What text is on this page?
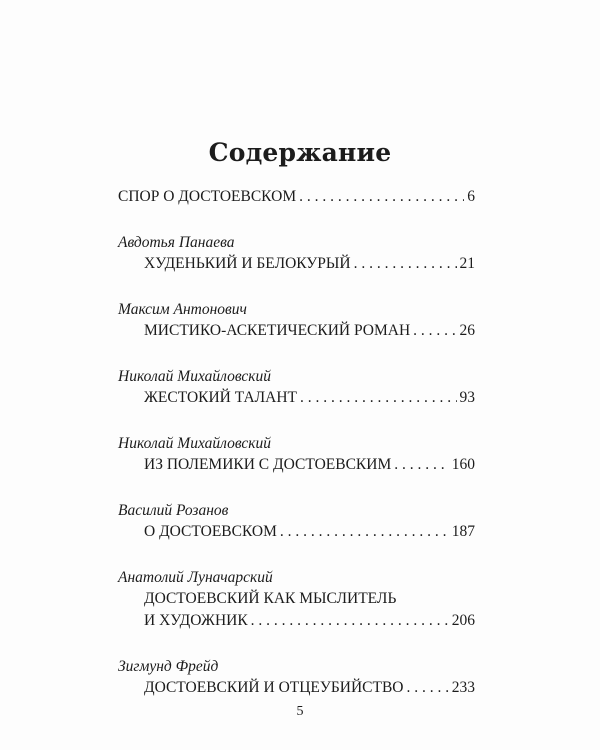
Содержание
СПОР О ДОСТОЕВСКОМ . . .	6
Авдотья Панаева
ХУДЕНЬКИЙ И БЕЛОКУРЫЙ . . .	21
Максим Антонович
МИСТИКО-АСКЕТИЧЕСКИЙ РОМАН . . .	26
Николай Михайловский
ЖЕСТОКИЙ ТАЛАНТ . . .	93
Николай Михайловский
ИЗ ПОЛЕМИКИ С ДОСТОЕВСКИМ . . .	160
Василий Розанов
О ДОСТОЕВСКОМ . . .	187
Анатолий Луначарский
ДОСТОЕВСКИЙ КАК МЫСЛИТЕЛЬ
И ХУДОЖНИК . . .	206
Зигмунд Фрейд
ДОСТОЕВСКИЙ И ОТЦЕУБИЙСТВО . . .	233
5
